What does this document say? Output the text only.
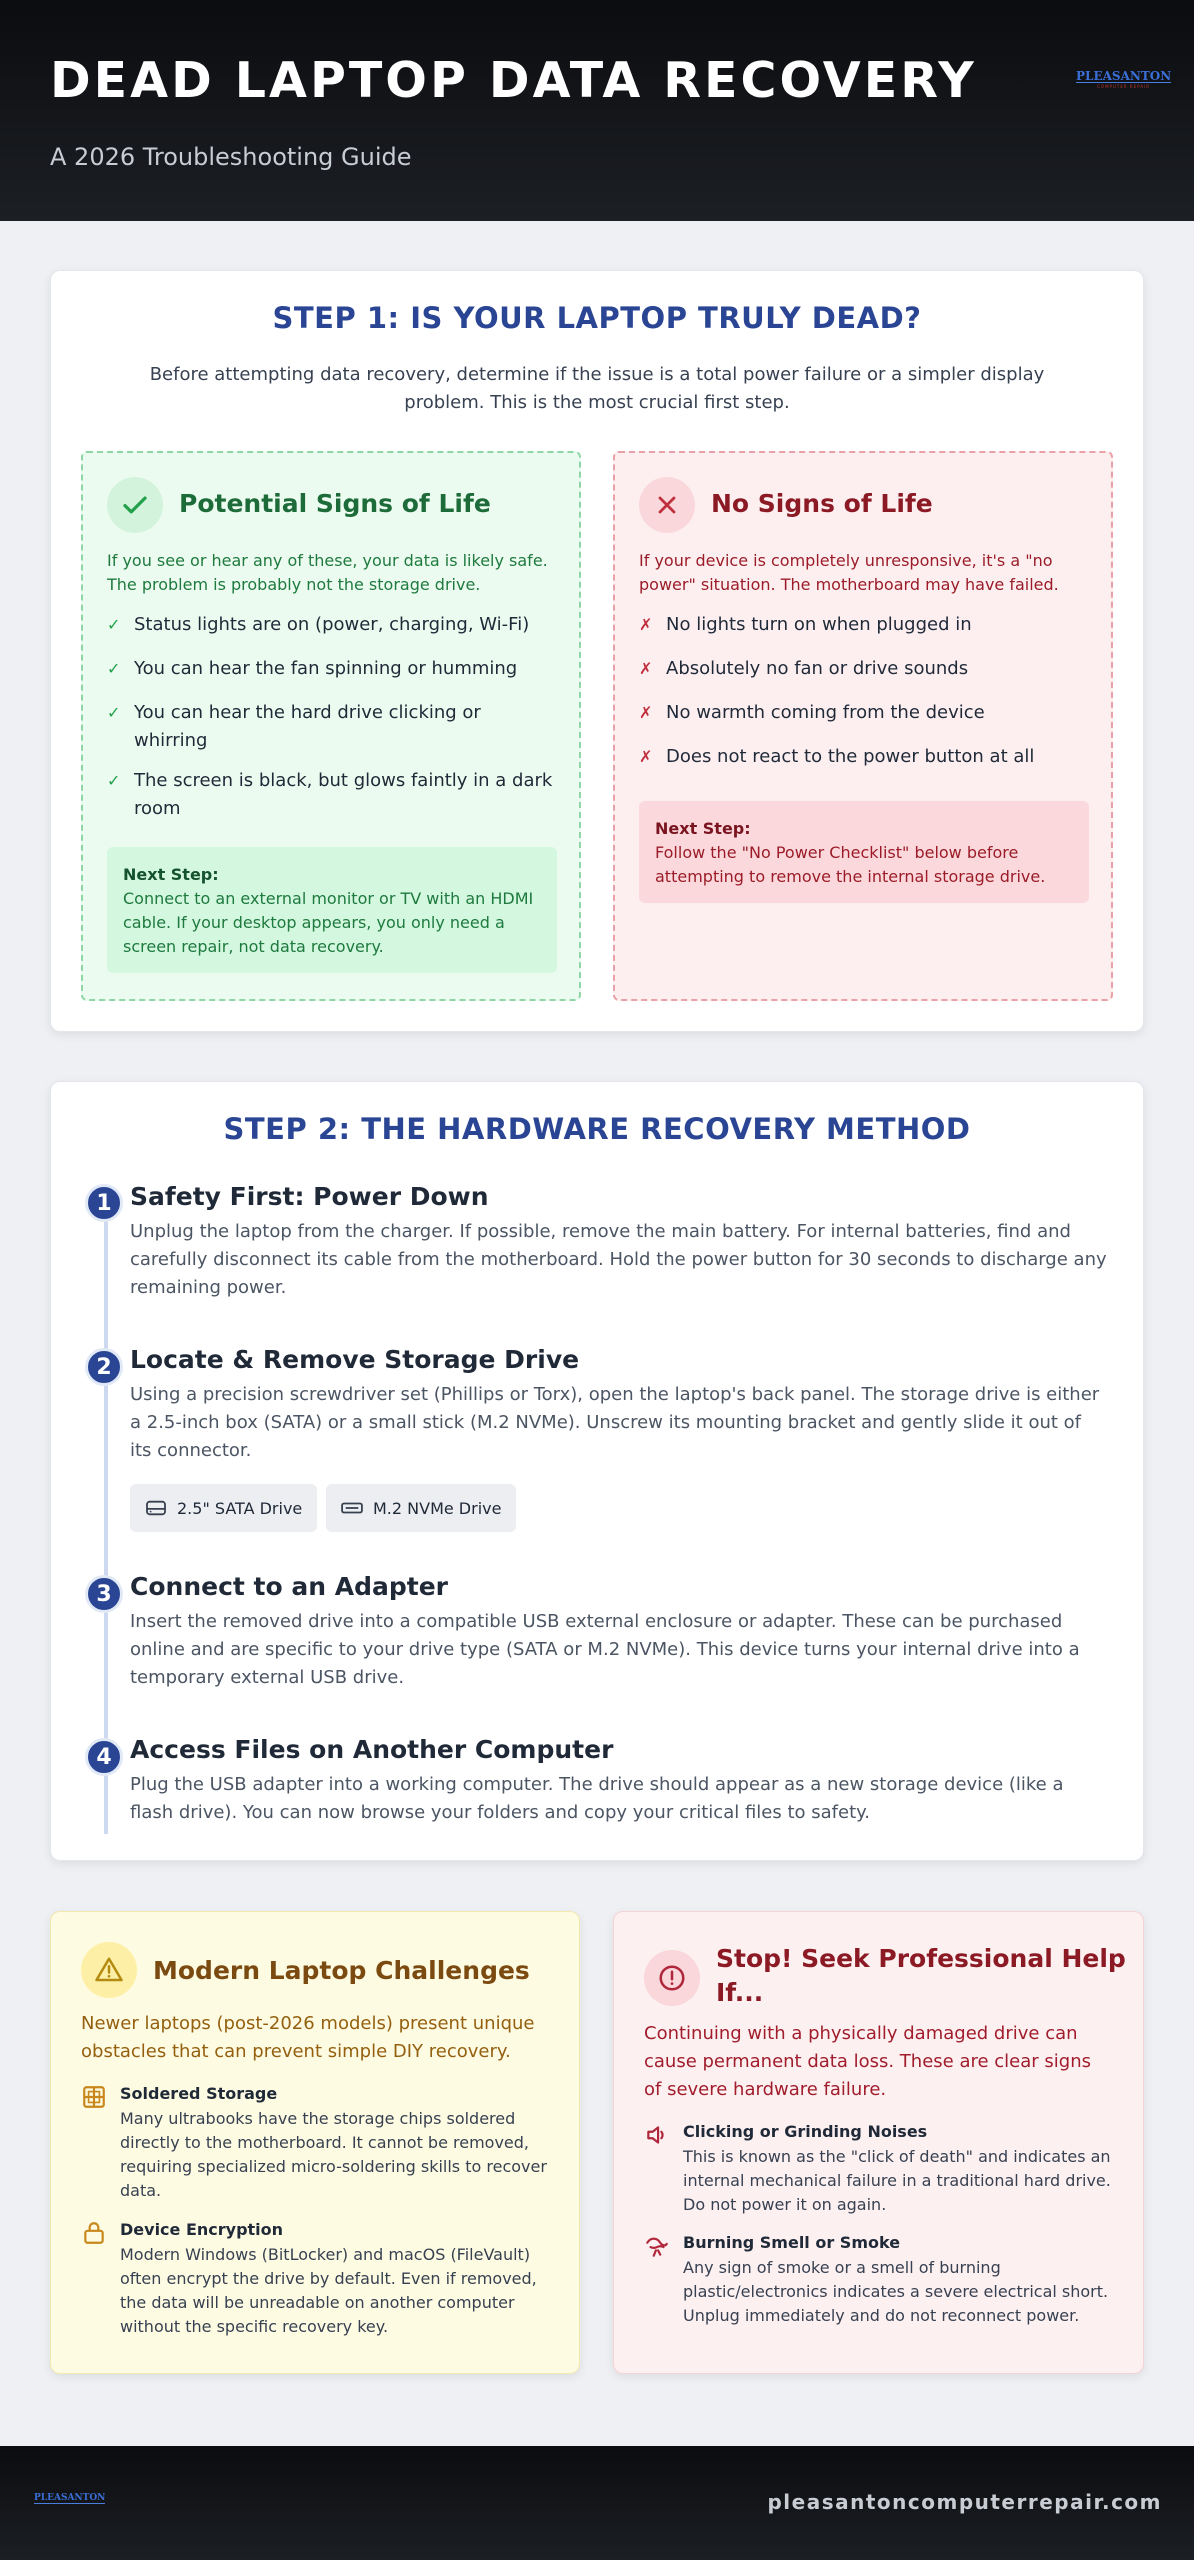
DEAD LAPTOP DATA RECOVERY
A 2026 Troubleshooting Guide
PLEASANTON
COMPUTER REPAIR
STEP 1: IS YOUR LAPTOP TRULY DEAD?
Before attempting data recovery, determine if the issue is a total power failure or a simpler display problem. This is the most crucial first step.
Potential Signs of Life
If you see or hear any of these, your data is likely safe. The problem is probably not the storage drive.
✓ Status lights are on (power, charging, Wi-Fi)
✓ You can hear the fan spinning or humming
✓ You can hear the hard drive clicking or whirring
✓ The screen is black, but glows faintly in a dark room
Next Step:
Connect to an external monitor or TV with an HDMI cable. If your desktop appears, you only need a screen repair, not data recovery.
No Signs of Life
If your device is completely unresponsive, it's a "no power" situation. The motherboard may have failed.
✗ No lights turn on when plugged in
✗ Absolutely no fan or drive sounds
✗ No warmth coming from the device
✗ Does not react to the power button at all
Next Step:
Follow the "No Power Checklist" below before attempting to remove the internal storage drive.
STEP 2: THE HARDWARE RECOVERY METHOD
1 Safety First: Power Down
Unplug the laptop from the charger. If possible, remove the main battery. For internal batteries, find and carefully disconnect its cable from the motherboard. Hold the power button for 30 seconds to discharge any remaining power.
2 Locate & Remove Storage Drive
Using a precision screwdriver set (Phillips or Torx), open the laptop's back panel. The storage drive is either a 2.5-inch box (SATA) or a small stick (M.2 NVMe). Unscrew its mounting bracket and gently slide it out of its connector.
2.5" SATA Drive	M.2 NVMe Drive
3 Connect to an Adapter
Insert the removed drive into a compatible USB external enclosure or adapter. These can be purchased online and are specific to your drive type (SATA or M.2 NVMe). This device turns your internal drive into a temporary external USB drive.
4 Access Files on Another Computer
Plug the USB adapter into a working computer. The drive should appear as a new storage device (like a flash drive). You can now browse your folders and copy your critical files to safety.
Modern Laptop Challenges
Newer laptops (post-2026 models) present unique obstacles that can prevent simple DIY recovery.
Soldered Storage
Many ultrabooks have the storage chips soldered directly to the motherboard. It cannot be removed, requiring specialized micro-soldering skills to recover data.
Device Encryption
Modern Windows (BitLocker) and macOS (FileVault) often encrypt the drive by default. Even if removed, the data will be unreadable on another computer without the specific recovery key.
Stop! Seek Professional Help If...
Continuing with a physically damaged drive can cause permanent data loss. These are clear signs of severe hardware failure.
Clicking or Grinding Noises
This is known as the "click of death" and indicates an internal mechanical failure in a traditional hard drive. Do not power it on again.
Burning Smell or Smoke
Any sign of smoke or a smell of burning plastic/electronics indicates a severe electrical short. Unplug immediately and do not reconnect power.
PLEASANTON	pleasantoncomputerrepair.com
